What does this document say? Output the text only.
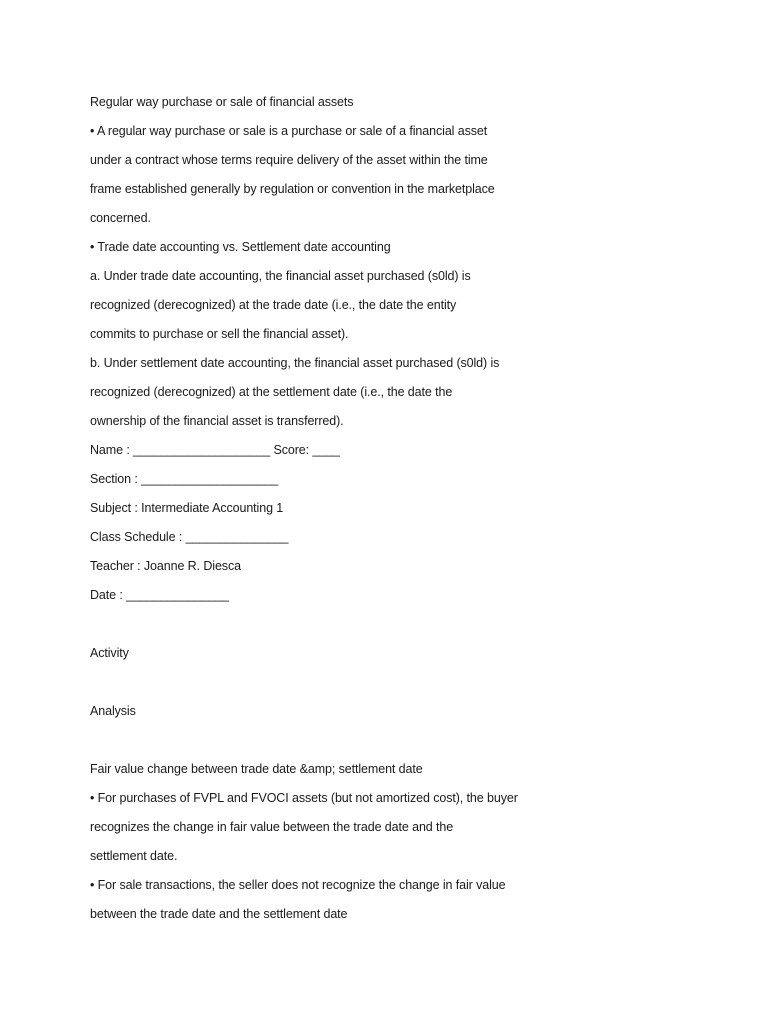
Regular way purchase or sale of financial assets
• A regular way purchase or sale is a purchase or sale of a financial asset
under a contract whose terms require delivery of the asset within the time
frame established generally by regulation or convention in the marketplace
concerned.
• Trade date accounting vs. Settlement date accounting
a. Under trade date accounting, the financial asset purchased (s0ld) is
recognized (derecognized) at the trade date (i.e., the date the entity
commits to purchase or sell the financial asset).
b. Under settlement date accounting, the financial asset purchased (s0ld) is
recognized (derecognized) at the settlement date (i.e., the date the
ownership of the financial asset is transferred).
Name : ____________________ Score: ____
Section : ____________________
Subject : Intermediate Accounting 1
Class Schedule : _______________
Teacher : Joanne R. Diesca
Date : _______________
Activity
Analysis
Fair value change between trade date &amp; settlement date
• For purchases of FVPL and FVOCI assets (but not amortized cost), the buyer
recognizes the change in fair value between the trade date and the
settlement date.
• For sale transactions, the seller does not recognize the change in fair value
between the trade date and the settlement date
